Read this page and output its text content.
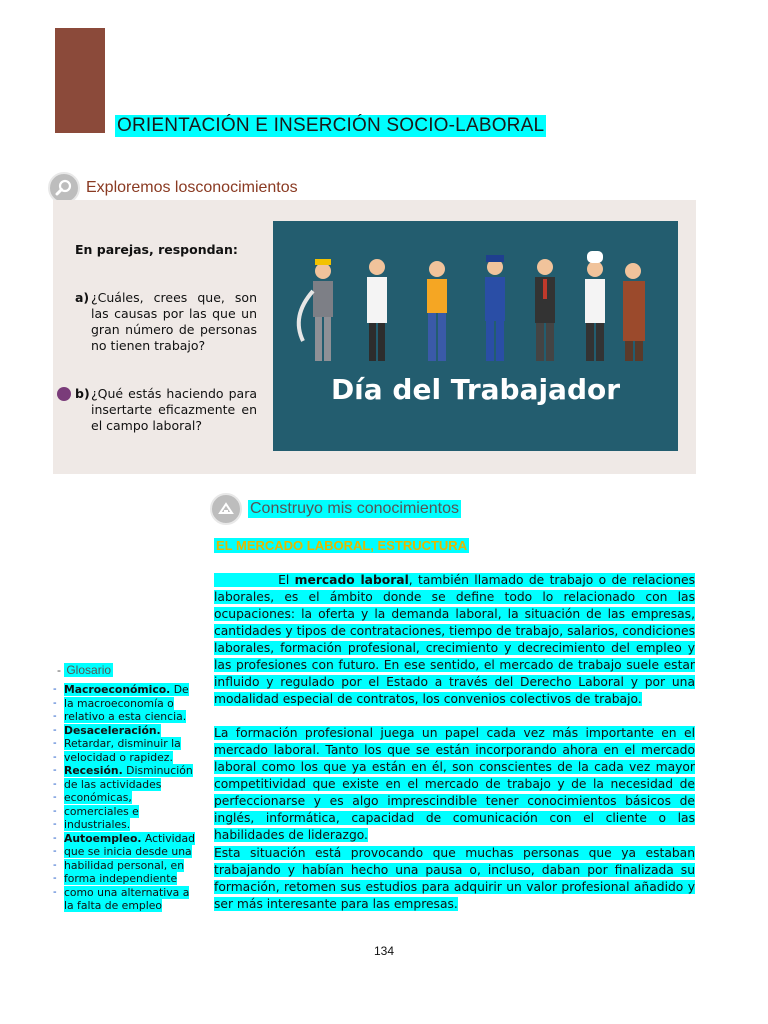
ORIENTACIÓN E INSERCIÓN SOCIO-LABORAL
Exploremos losconocimientos
En parejas, respondan:
a) ¿Cuáles, crees que, son las causas por las que un gran número de personas no tienen trabajo?
b) ¿Qué estás haciendo para insertarte eficazmente en el campo laboral?
Día del Trabajador
Construyo mis conocimientos
EL MERCADO LABORAL, ESTRUCTURA
El mercado laboral, también llamado de trabajo o de relaciones laborales, es el ámbito donde se define todo lo relacionado con las ocupaciones: la oferta y la demanda laboral, la situación de las empresas, cantidades y tipos de contrataciones, tiempo de trabajo, salarios, condiciones laborales, formación profesional, crecimiento y decrecimiento del empleo y las profesiones con futuro. En ese sentido, el mercado de trabajo suele estar influido y regulado por el Estado a través del Derecho Laboral y por una modalidad especial de contratos, los convenios colectivos de trabajo.
La formación profesional juega un papel cada vez más importante en el mercado laboral. Tanto los que se están incorporando ahora en el mercado laboral como los que ya están en él, son conscientes de la cada vez mayor competitividad que existe en el mercado de trabajo y de la necesidad de perfeccionarse y es algo imprescindible tener conocimientos básicos de inglés, informática, capacidad de comunicación con el cliente o las habilidades de liderazgo.
Esta situación está provocando que muchas personas que ya estaban trabajando y habían hecho una pausa o, incluso, daban por finalizada su formación, retomen sus estudios para adquirir un valor profesional añadido y ser más interesante para las empresas.
- Glosario
-
-
-
-
-
-
-
-
-
-
-
-
-
-
-
-

Macroeconómico. De la macroeconomía o relativo a esta ciencia.
Desaceleración. Retardar, disminuir la velocidad o rapidez.
Recesión. Disminución de las actividades económicas, comerciales e industriales.
Autoempleo. Actividad que se inicia desde una habilidad personal, en forma independiente como una alternativa a la falta de empleo
134
